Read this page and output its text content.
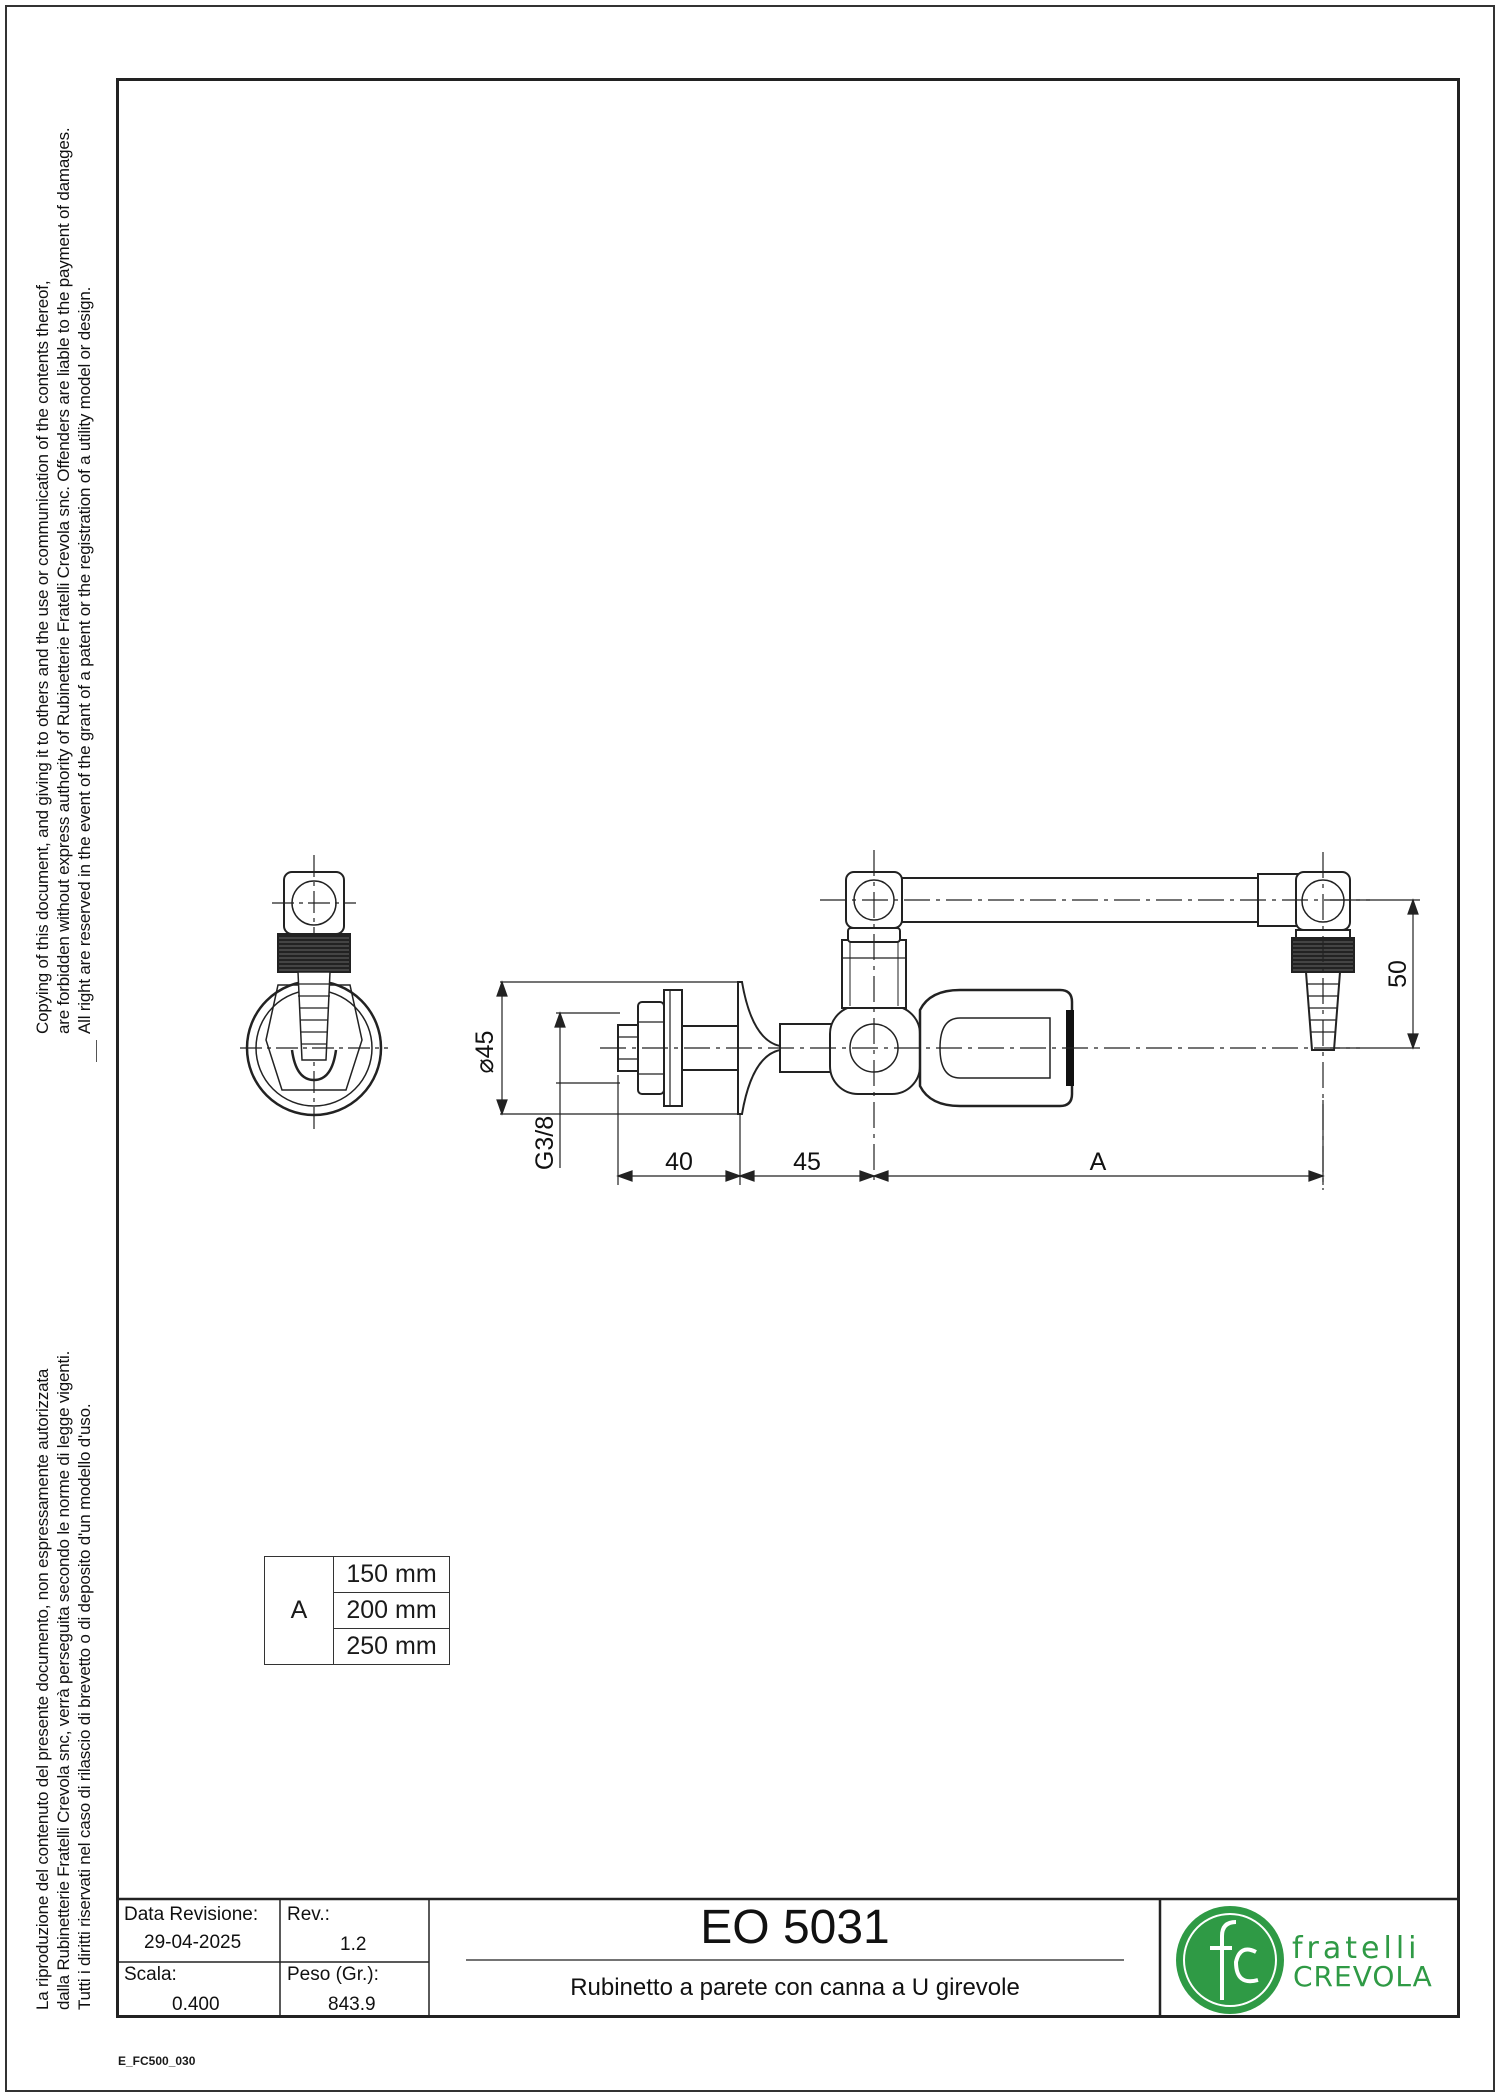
Copying of this document, and giving it to others and the use or communication of the contents thereof, are forbidden without express authority of Rubinetterie Fratelli Crevola snc. Offenders are liable to the payment of damages. All right are reserved in the event of the grant of a patent or the registration of a utility model or design.
La riproduzione del contenuto del presente documento, non espressamente autorizzata dalla Rubinetterie Fratelli Crevola snc, verrà perseguita secondo le norme di legge vigenti. Tutti i diritti riservati nel caso di rilascio di brevetto o di deposito d'un modello d'uso.
⌀45
G3/8	40	45	A
50
A	150 mm
200 mm
250 mm
Data Revisione:
29-04-2025
Rev.:
1.2
Scala:
0.400
Peso (Gr.):
843.9
EO 5031
Rubinetto a parete con canna a U girevole
fratelli
CREVOLA
E_FC500_030
